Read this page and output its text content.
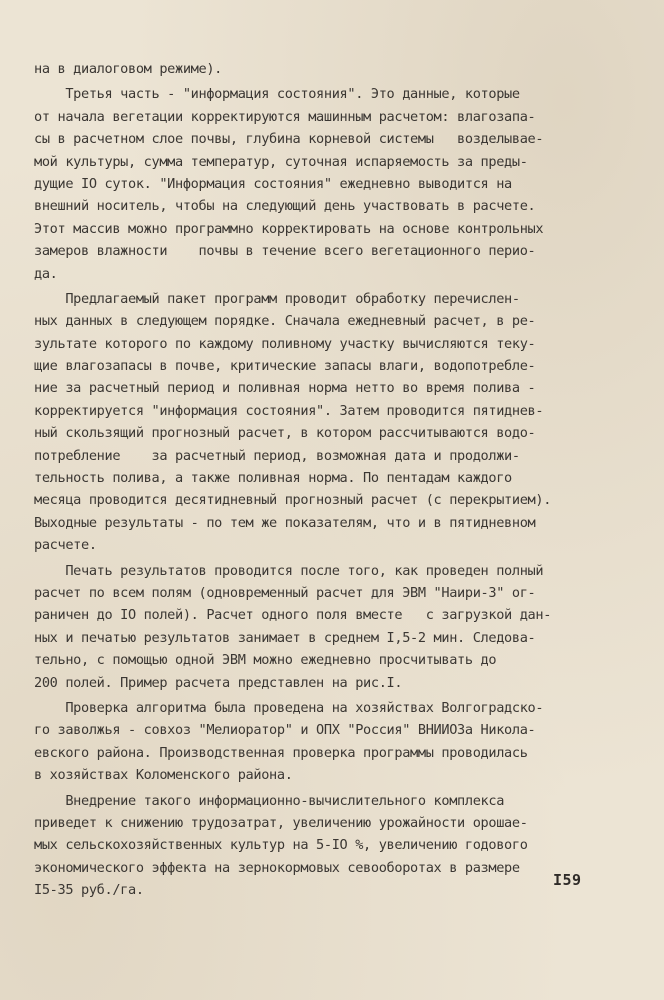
на в диалоговом режиме).
Третья часть - "информация состояния". Это данные, которые
от начала вегетации корректируются машинным расчетом: влагозапа-
сы в расчетном слое почвы, глубина корневой системы   возделывае-
мой культуры, сумма температур, суточная испаряемость за преды-
дущие IO суток. "Информация состояния" ежедневно выводится на
внешний носитель, чтобы на следующий день участвовать в расчете.
Этот массив можно программно корректировать на основе контрольных
замеров влажности    почвы в течение всего вегетационного перио-
да.
Предлагаемый пакет программ проводит обработку перечислен-
ных данных в следующем порядке. Сначала ежедневный расчет, в ре-
зультате которого по каждому поливному участку вычисляются теку-
щие влагозапасы в почве, критические запасы влаги, водопотребле-
ние за расчетный период и поливная норма нетто во время полива -
корректируется "информация состояния". Затем проводится пятиднев-
ный скользящий прогнозный расчет, в котором рассчитываются водо-
потребление    за расчетный период, возможная дата и продолжи-
тельность полива, а также поливная норма. По пентадам каждого
месяца проводится десятидневный прогнозный расчет (с перекрытием).
Выходные результаты - по тем же показателям, что и в пятидневном
расчете.
Печать результатов проводится после того, как проведен полный
расчет по всем полям (одновременный расчет для ЭВМ "Наири-3" ог-
раничен до IO полей). Расчет одного поля вместе   с загрузкой дан-
ных и печатью результатов занимает в среднем I,5-2 мин. Следова-
тельно, с помощью одной ЭВМ можно ежедневно просчитывать до
200 полей. Пример расчета представлен на рис.I.
Проверка алгоритма была проведена на хозяйствах Волгоградско-
го заволжья - совхоз "Мелиоратор" и ОПХ "Россия" ВНИИОЗа Никола-
евского района. Производственная проверка программы проводилась
в хозяйствах Коломенского района.
Внедрение такого информационно-вычислительного комплекса
приведет к снижению трудозатрат, увеличению урожайности орошае-
мых сельскохозяйственных культур на 5-IO %, увеличению годового
экономического эффекта на зернокормовых севооборотах в размере
I5-35 руб./га.
I59
